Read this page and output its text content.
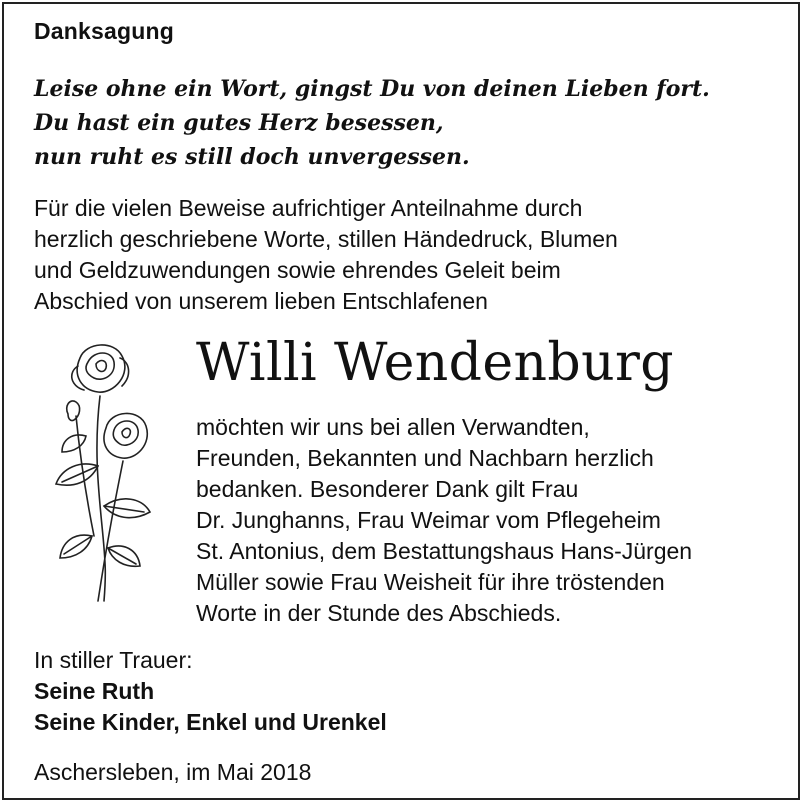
Danksagung
Leise ohne ein Wort, gingst Du von deinen Lieben fort.
Du hast ein gutes Herz besessen,
nun ruht es still doch unvergessen.
Für die vielen Beweise aufrichtiger Anteilnahme durch
herzlich geschriebene Worte, stillen Händedruck, Blumen
und Geldzuwendungen sowie ehrendes Geleit beim
Abschied von unserem lieben Entschlafenen
Willi Wendenburg
möchten wir uns bei allen Verwandten,
Freunden, Bekannten und Nachbarn herzlich
bedanken. Besonderer Dank gilt Frau
Dr. Junghanns, Frau Weimar vom Pflegeheim
St. Antonius, dem Bestattungshaus Hans-Jürgen
Müller sowie Frau Weisheit für ihre tröstenden
Worte in der Stunde des Abschieds.
In stiller Trauer:
Seine Ruth
Seine Kinder, Enkel und Urenkel
Aschersleben, im Mai 2018
